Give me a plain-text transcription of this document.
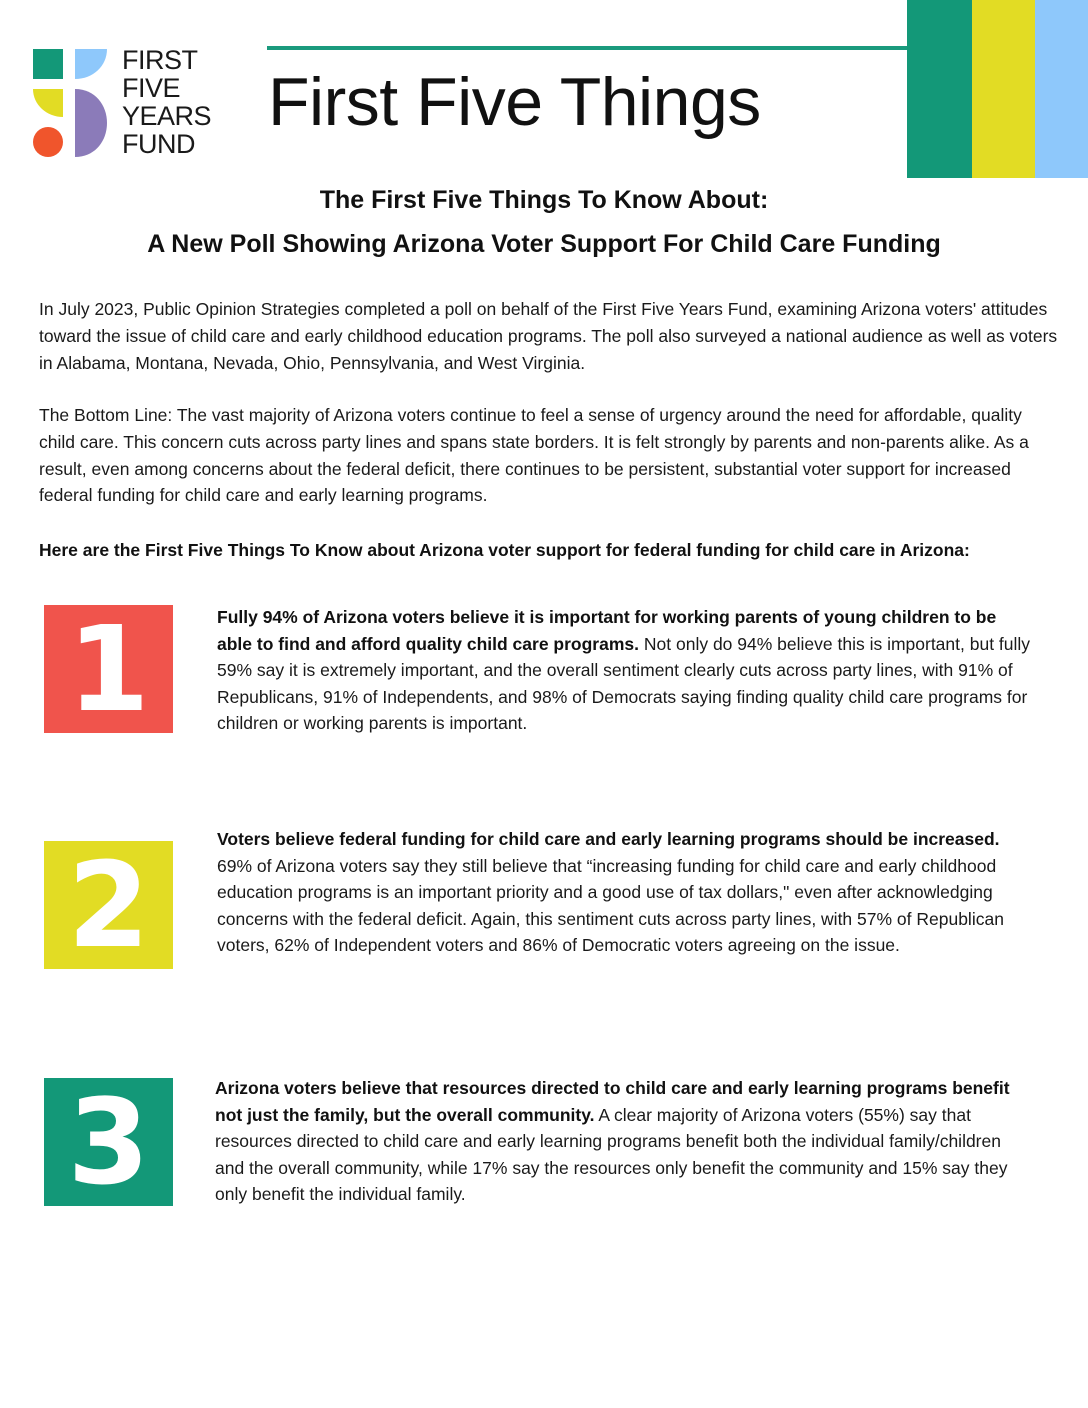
FIRST
FIVE
YEARS
FUND
First Five Things
The First Five Things To Know About:
A New Poll Showing Arizona Voter Support For Child Care Funding
In July 2023, Public Opinion Strategies completed a poll on behalf of the First Five Years Fund, examining Arizona voters' attitudes toward the issue of child care and early childhood education programs. The poll also surveyed a national audience as well as voters in Alabama, Montana, Nevada, Ohio, Pennsylvania, and West Virginia.
The Bottom Line: The vast majority of Arizona voters continue to feel a sense of urgency around the need for affordable, quality child care. This concern cuts across party lines and spans state borders. It is felt strongly by parents and non-parents alike. As a result, even among concerns about the federal deficit, there continues to be persistent, substantial voter support for increased federal funding for child care and early learning programs.
Here are the First Five Things To Know about Arizona voter support for federal funding for child care in Arizona:
1	Fully 94% of Arizona voters believe it is important for working parents of young children to be able to find and afford quality child care programs. Not only do 94% believe this is important, but fully 59% say it is extremely important, and the overall sentiment clearly cuts across party lines, with 91% of Republicans, 91% of Independents, and 98% of Democrats saying finding quality child care programs for children or working parents is important.
2	Voters believe federal funding for child care and early learning programs should be increased. 69% of Arizona voters say they still believe that “increasing funding for child care and early childhood education programs is an important priority and a good use of tax dollars," even after acknowledging concerns with the federal deficit. Again, this sentiment cuts across party lines, with 57% of Republican voters, 62% of Independent voters and 86% of Democratic voters agreeing on the issue.
3	Arizona voters believe that resources directed to child care and early learning programs benefit not just the family, but the overall community. A clear majority of Arizona voters (55%) say that resources directed to child care and early learning programs benefit both the individual family/children and the overall community, while 17% say the resources only benefit the community and 15% say they only benefit the individual family.
